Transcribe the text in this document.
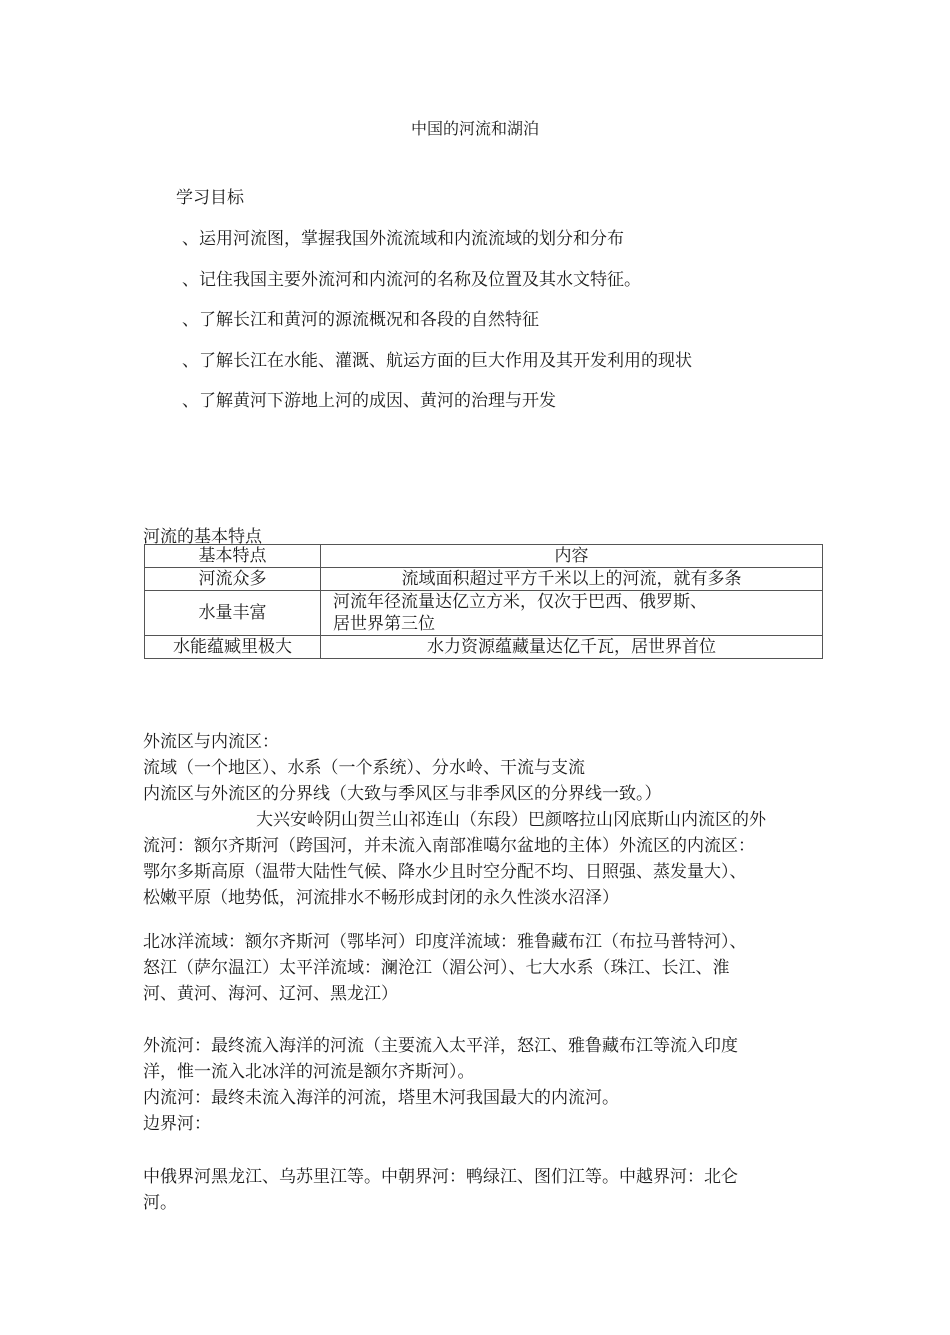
中国的河流和湖泊
学习目标
、运用河流图，掌握我国外流流域和内流流域的划分和分布
、记住我国主要外流河和内流河的名称及位置及其水文特征。
、了解长江和黄河的源流概况和各段的自然特征
、了解长江在水能、灌溉、航运方面的巨大作用及其开发利用的现状
、了解黄河下游地上河的成因、黄河的治理与开发
河流的基本特点
基本特点	内容
河流众多	流域面积超过平方千米以上的河流，就有多条
水量丰富	河流年径流量达亿立方米，仅次于巴西、俄罗斯、
居世界第三位

水能蕴臧里极大	水力资源蕴藏量达亿千瓦，居世界首位
外流区与内流区：
流域（一个地区）、水系（一个系统）、分水岭、干流与支流
内流区与外流区的分界线（大致与季风区与非季风区的分界线一致。）
大兴安岭阴山贺兰山祁连山（东段）巴颜喀拉山冈底斯山内流区的外
流河：额尔齐斯河（跨国河，并未流入南部准噶尔盆地的主体）外流区的内流区：
鄂尔多斯高原（温带大陆性气候、降水少且时空分配不均、日照强、蒸发量大）、
松嫩平原（地势低，河流排水不畅形成封闭的永久性淡水沼泽）
北冰洋流域：额尔齐斯河（鄂毕河）印度洋流域：雅鲁藏布江（布拉马普特河）、
怒江（萨尔温江）太平洋流域：澜沧江（湄公河）、七大水系（珠江、长江、淮
河、黄河、海河、辽河、黑龙江）
外流河：最终流入海洋的河流（主要流入太平洋，怒江、雅鲁藏布江等流入印度
洋，惟一流入北冰洋的河流是额尔齐斯河）。
内流河：最终未流入海洋的河流，塔里木河我国最大的内流河。
边界河：
中俄界河黑龙江、乌苏里江等。中朝界河：鸭绿江、图们江等。中越界河：北仑
河。
